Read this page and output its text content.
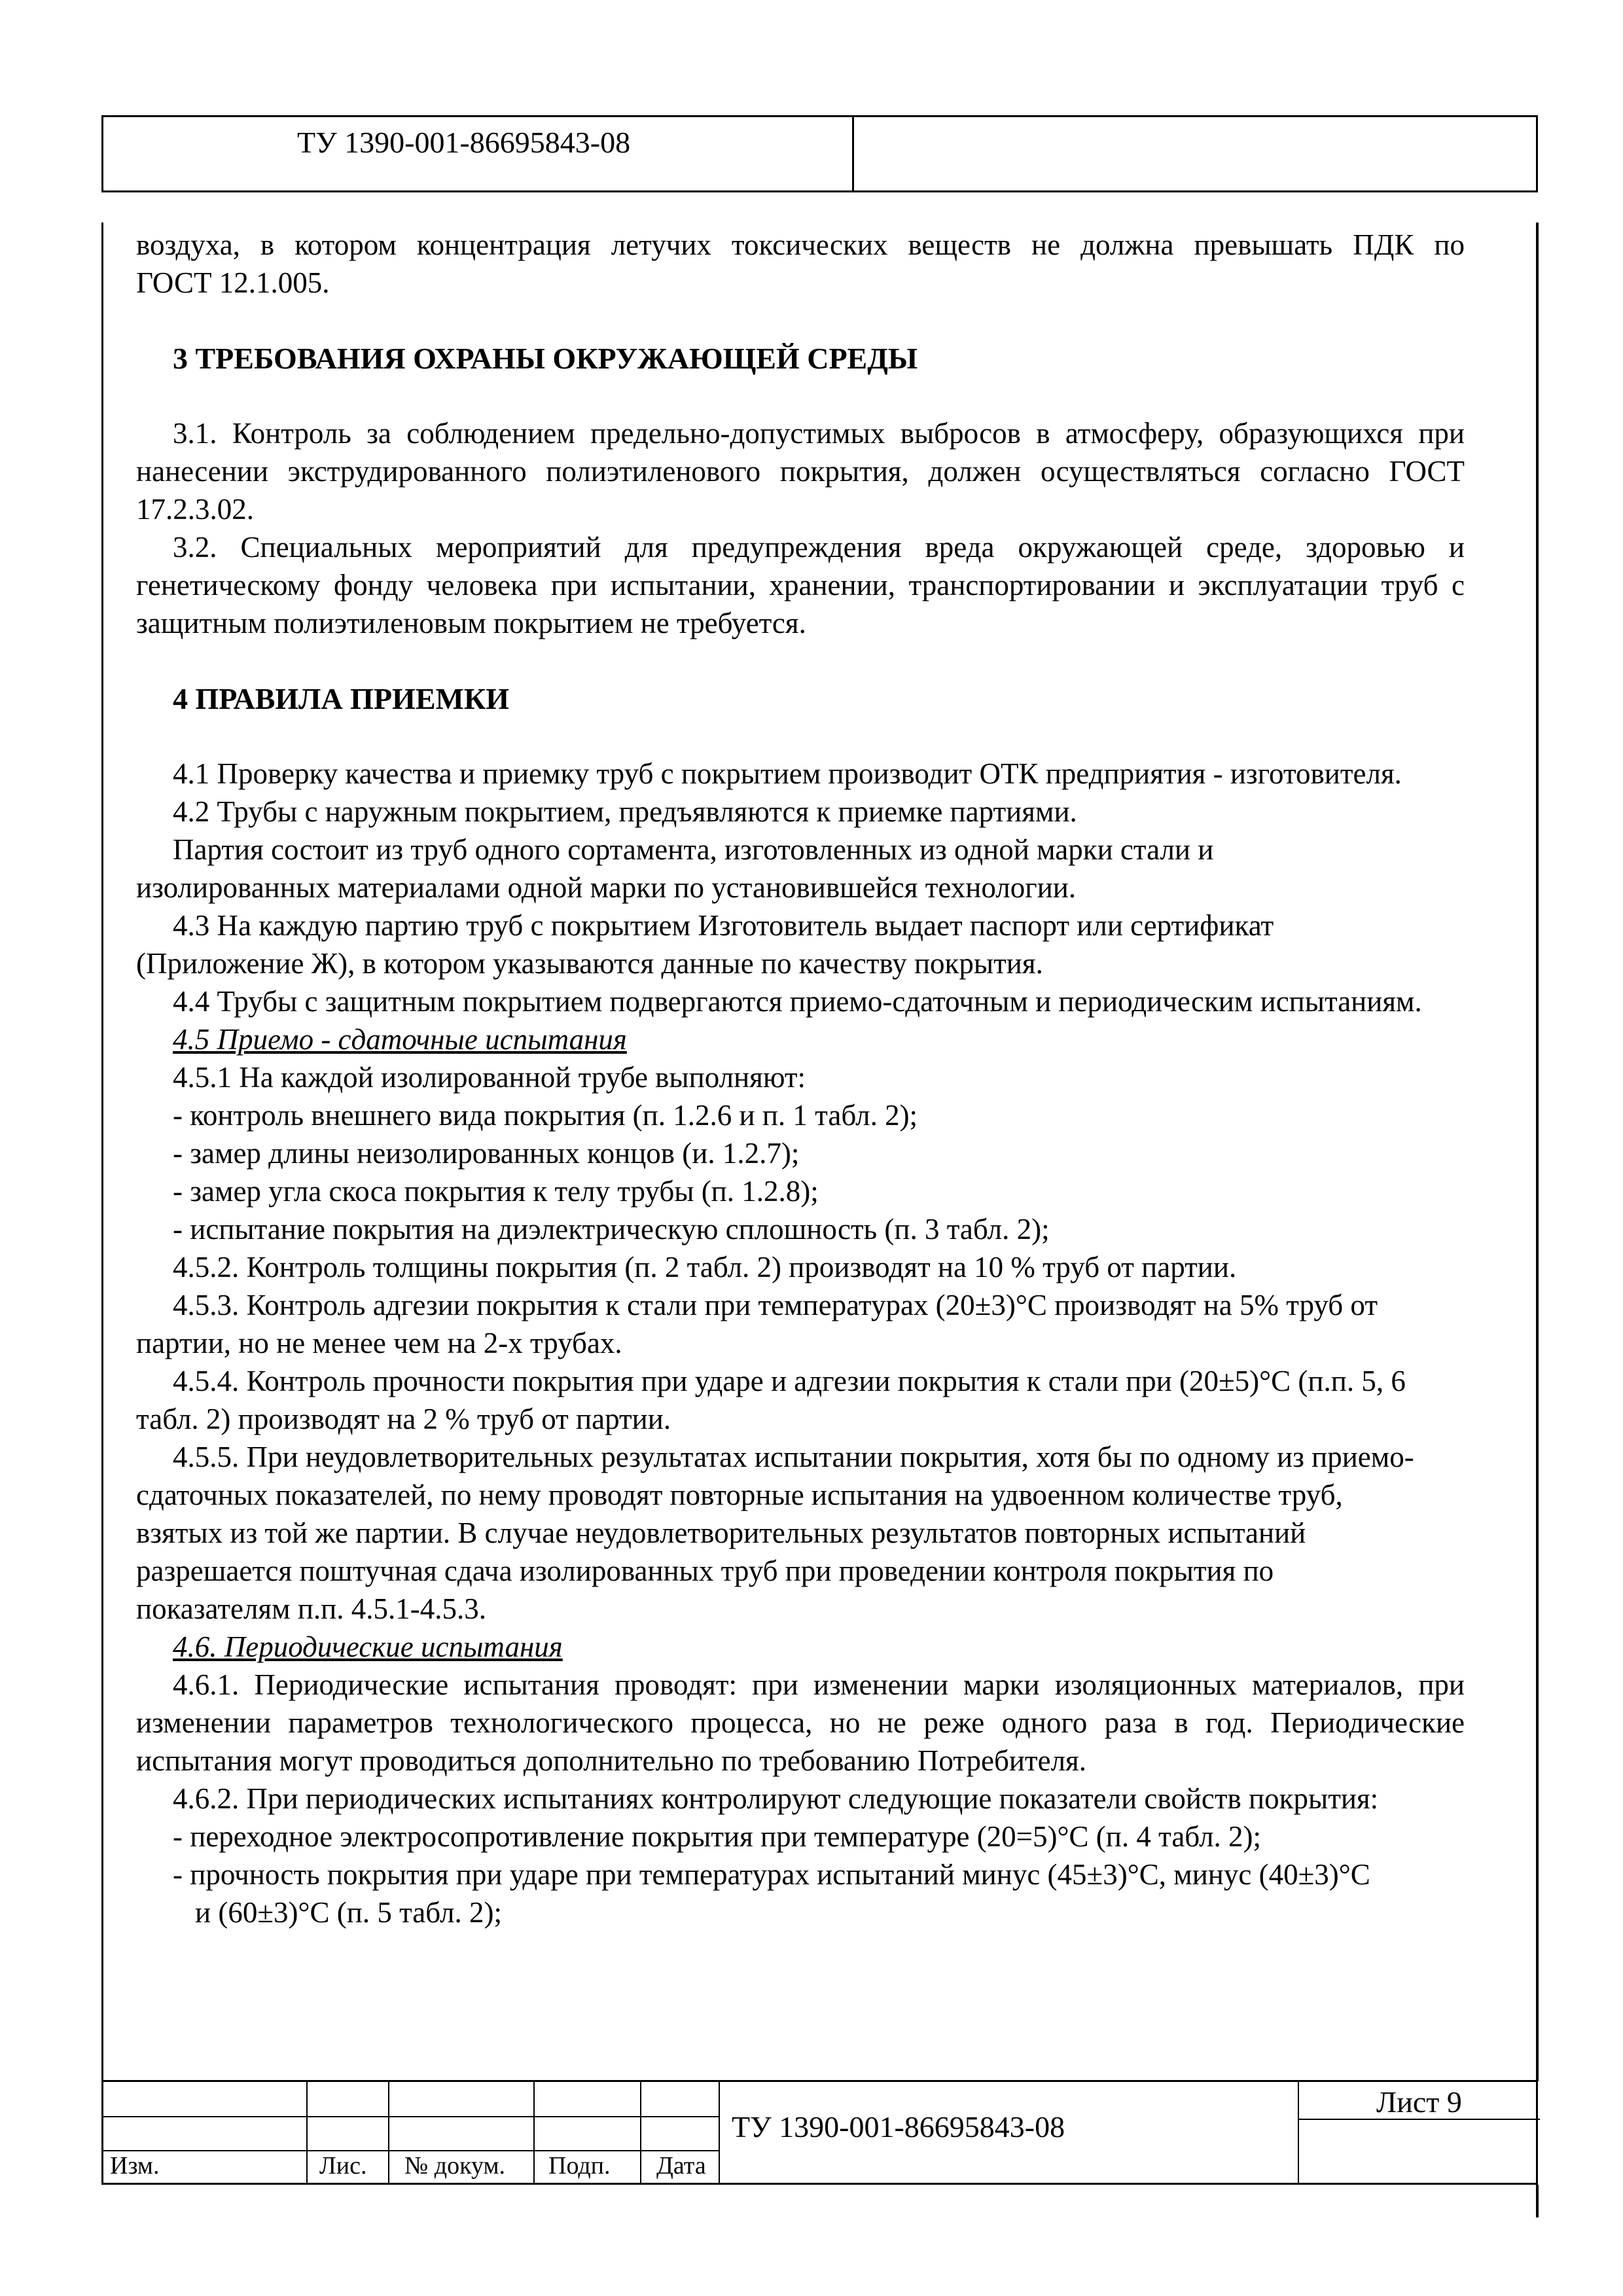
ТУ 1390-001-86695843-08

воздуха, в котором концентрация летучих токсических веществ не должна превышать ПДК по

ГОСТ 12.1.005.

3 ТРЕБОВАНИЯ ОХРАНЫ ОКРУЖАЮЩЕЙ СРЕДЫ

3.1. Контроль за соблюдением предельно-допустимых выбросов в атмосферу, образующихся при нанесении экструдированного полиэтиленового покрытия, должен осуществляться согласно ГОСТ 17.2.3.02.

3.2. Специальных мероприятий для предупреждения вреда окружающей среде, здоровью и генетическому фонду человека при испытании, хранении, транспортировании и эксплуатации труб с защитным полиэтиленовым покрытием не требуется.

4 ПРАВИЛА ПРИЕМКИ

4.1 Проверку качества и приемку труб с покрытием производит ОТК предприятия - изготовителя.

4.2 Трубы с наружным покрытием, предъявляются к приемке партиями.

Партия состоит из труб одного сортамента, изготовленных из одной марки стали и изолированных материалами одной марки по установившейся технологии.

4.3 На каждую партию труб с покрытием Изготовитель выдает паспорт или сертификат (Приложение Ж), в котором указываются данные по качеству покрытия.

4.4 Трубы с защитным покрытием подвергаются приемо-сдаточным и периодическим испытаниям.

4.5 Приемо - сдаточные испытания

4.5.1 На каждой изолированной трубе выполняют:

- контроль внешнего вида покрытия (п. 1.2.6 и п. 1 табл. 2);

- замер длины неизолированных концов (и. 1.2.7);

- замер угла скоса покрытия к телу трубы (п. 1.2.8);

- испытание покрытия на диэлектрическую сплошность (п. 3 табл. 2);

4.5.2. Контроль толщины покрытия (п. 2 табл. 2) производят на 10 % труб от партии.

4.5.3. Контроль адгезии покрытия к стали при температурах (20±3)°С производят на 5% труб от партии, но не менее чем на 2-х трубах.

4.5.4. Контроль прочности покрытия при ударе и адгезии покрытия к стали при (20±5)°С (п.п. 5, 6 табл. 2) производят на 2 % труб от партии.

4.5.5. При неудовлетворительных результатах испытании покрытия, хотя бы по одному из приемо-сдаточных показателей, по нему проводят повторные испытания на удвоенном количестве труб, взятых из той же партии. В случае неудовлетворительных результатов повторных испытаний разрешается поштучная сдача изолированных труб при проведении контроля покрытия по показателям п.п. 4.5.1-4.5.3.

4.6. Периодические испытания

4.6.1. Периодические испытания проводят: при изменении марки изоляционных материалов, при изменении параметров технологического процесса, но не реже одного раза в год. Периодические испытания могут проводиться дополнительно по требованию Потребителя.

4.6.2. При периодических испытаниях контролируют следующие показатели свойств покрытия:

- переходное электросопротивление покрытия при температуре (20=5)°С (п. 4 табл. 2);

- прочность покрытия при ударе при температурах испытаний минус (45±3)°С, минус (40±3)°С и (60±3)°С (п. 5 табл. 2);

Изм.	Лис. № докум. Подп. Дата
ТУ 1390-001-86695843-08
Лист 9
